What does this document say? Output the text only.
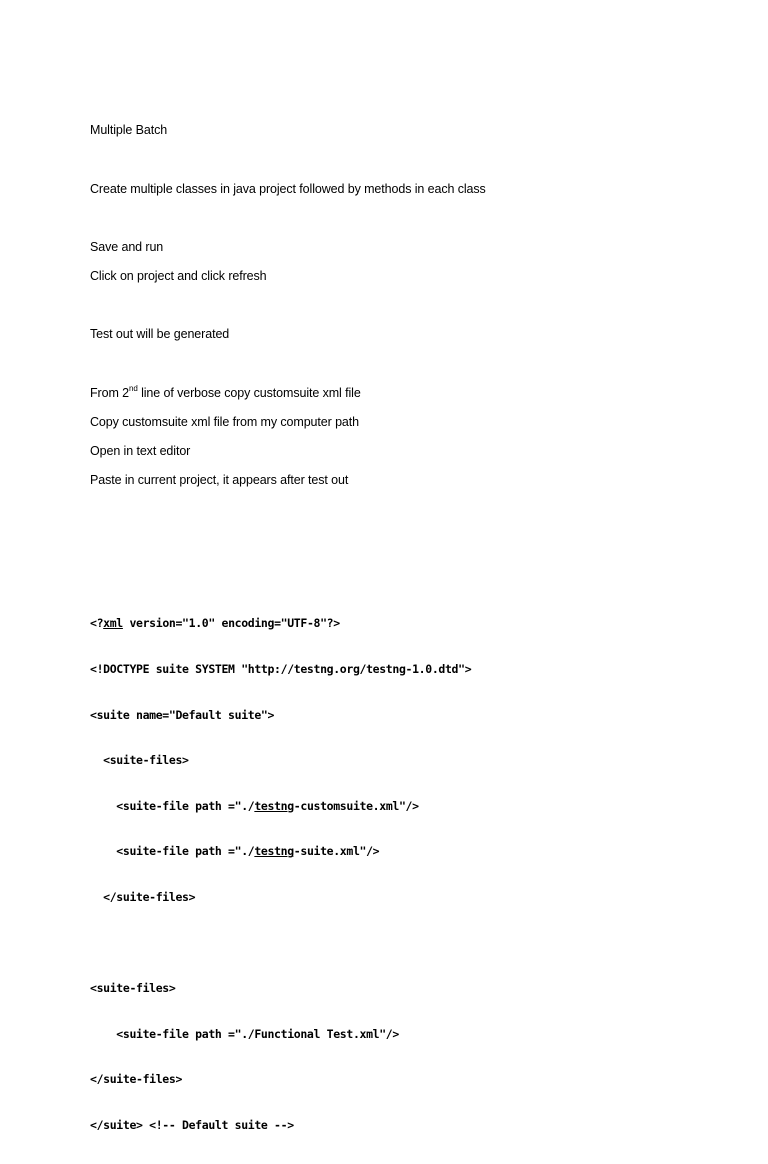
Multiple Batch
Create multiple classes in java project followed by methods in each class
Save and run
Click on project and click refresh
Test out will be generated
From 2nd line of verbose copy customsuite xml file
Copy customsuite xml file from my computer path
Open in text editor
Paste in current project, it appears after test out

<?xml version="1.0" encoding="UTF-8"?>

<!DOCTYPE suite SYSTEM "http://testng.org/testng-1.0.dtd">

<suite name="Default suite">

<suite-files>

<suite-file path ="./testng-customsuite.xml"/>

<suite-file path ="./testng-suite.xml"/>

</suite-files>

<suite-files>

<suite-file path ="./Functional Test.xml"/>

</suite-files>

</suite> <!-- Default suite -->
